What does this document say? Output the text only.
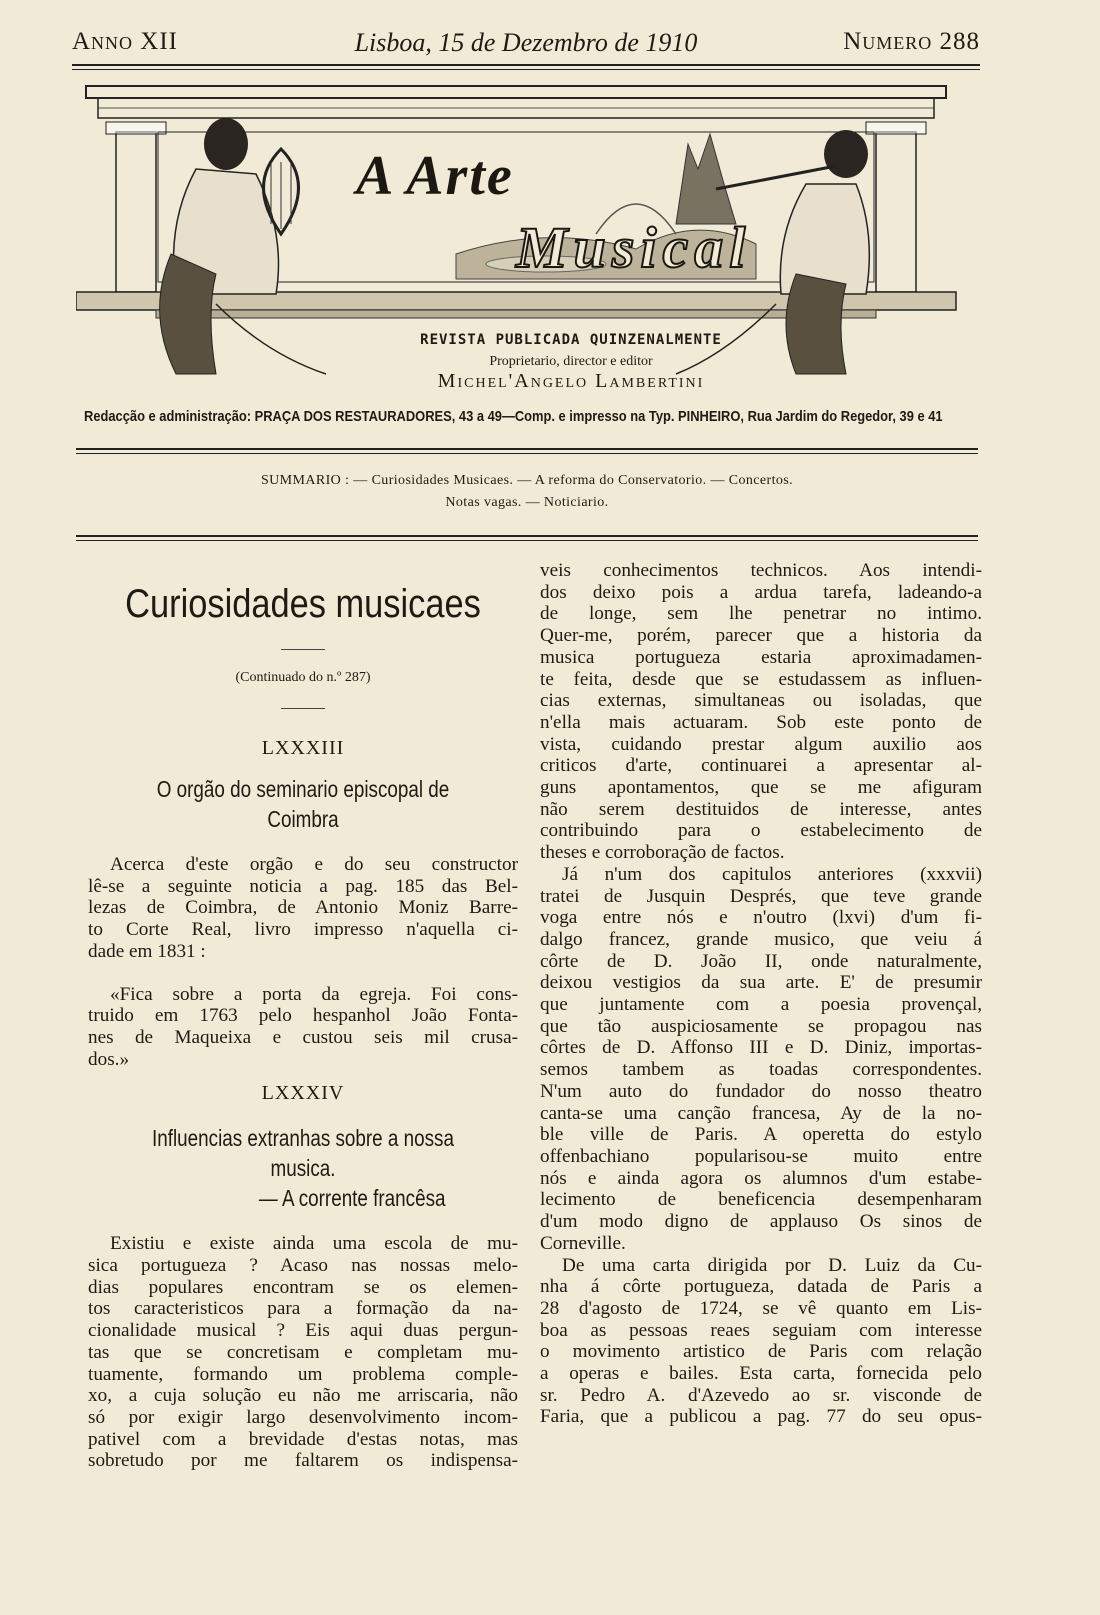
Anno XII	Lisboa, 15 de Dezembro de 1910	Numero 288
A Arte
Musical
REVISTA PUBLICADA QUINZENALMENTE
Proprietario, director e editor
Michel'Angelo Lambertini
Redacção e administração: PRAÇA DOS RESTAURADORES, 43 a 49—Comp. e impresso na Typ. PINHEIRO, Rua Jardim do Regedor, 39 e 41
SUMMARIO : — Curiosidades Musicaes. — A reforma do Conservatorio. — Concertos.
Notas vagas. — Noticiario.
Curiosidades musicaes
(Continuado do n.º 287)
LXXXIII
O orgão do seminario episcopal de Coimbra
Acerca d'este orgão e do seu constructor
lê-se a seguinte noticia a pag. 185 das Bel-
lezas de Coimbra, de Antonio Moniz Barre-
to Corte Real, livro impresso n'aquella ci-
dade em 1831 :
«Fica sobre a porta da egreja. Foi cons-
truido em 1763 pelo hespanhol João Fonta-
nes de Maqueixa e custou seis mil crusa-
dos.»
LXXXIV
Influencias extranhas sobre a nossa musica.
— A corrente francêsa
Existiu e existe ainda uma escola de mu-
sica portugueza ? Acaso nas nossas melo-
dias populares encontram se os elemen-
tos caracteristicos para a formação da na-
cionalidade musical ? Eis aqui duas pergun-
tas que se concretisam e completam mu-
tuamente, formando um problema comple-
xo, a cuja solução eu não me arriscaria, não
só por exigir largo desenvolvimento incom-
pativel com a brevidade d'estas notas, mas
sobretudo por me faltarem os indispensa-
veis conhecimentos technicos. Aos intendi-
dos deixo pois a ardua tarefa, ladeando-a
de longe, sem lhe penetrar no intimo.
Quer-me, porém, parecer que a historia da
musica portugueza estaria aproximadamen-
te feita, desde que se estudassem as influen-
cias externas, simultaneas ou isoladas, que
n'ella mais actuaram. Sob este ponto de
vista, cuidando prestar algum auxilio aos
criticos d'arte, continuarei a apresentar al-
guns apontamentos, que se me afiguram
não serem destituidos de interesse, antes
contribuindo para o estabelecimento de
theses e corroboração de factos.
Já n'um dos capitulos anteriores (xxxvii)
tratei de Jusquin Després, que teve grande
voga entre nós e n'outro (lxvi) d'um fi-
dalgo francez, grande musico, que veiu á
côrte de D. João II, onde naturalmente,
deixou vestigios da sua arte. E' de presumir
que juntamente com a poesia provençal,
que tão auspiciosamente se propagou nas
côrtes de D. Affonso III e D. Diniz, importas-
semos tambem as toadas correspondentes.
N'um auto do fundador do nosso theatro
canta-se uma canção francesa, Ay de la no-
ble ville de Paris. A operetta do estylo
offenbachiano popularisou-se muito entre
nós e ainda agora os alumnos d'um estabe-
lecimento de beneficencia desempenharam
d'um modo digno de applauso Os sinos de
Corneville.
De uma carta dirigida por D. Luiz da Cu-
nha á côrte portugueza, datada de Paris a
28 d'agosto de 1724, se vê quanto em Lis-
boa as pessoas reaes seguiam com interesse
o movimento artistico de Paris com relação
a operas e bailes. Esta carta, fornecida pelo
sr. Pedro A. d'Azevedo ao sr. visconde de
Faria, que a publicou a pag. 77 do seu opus-
